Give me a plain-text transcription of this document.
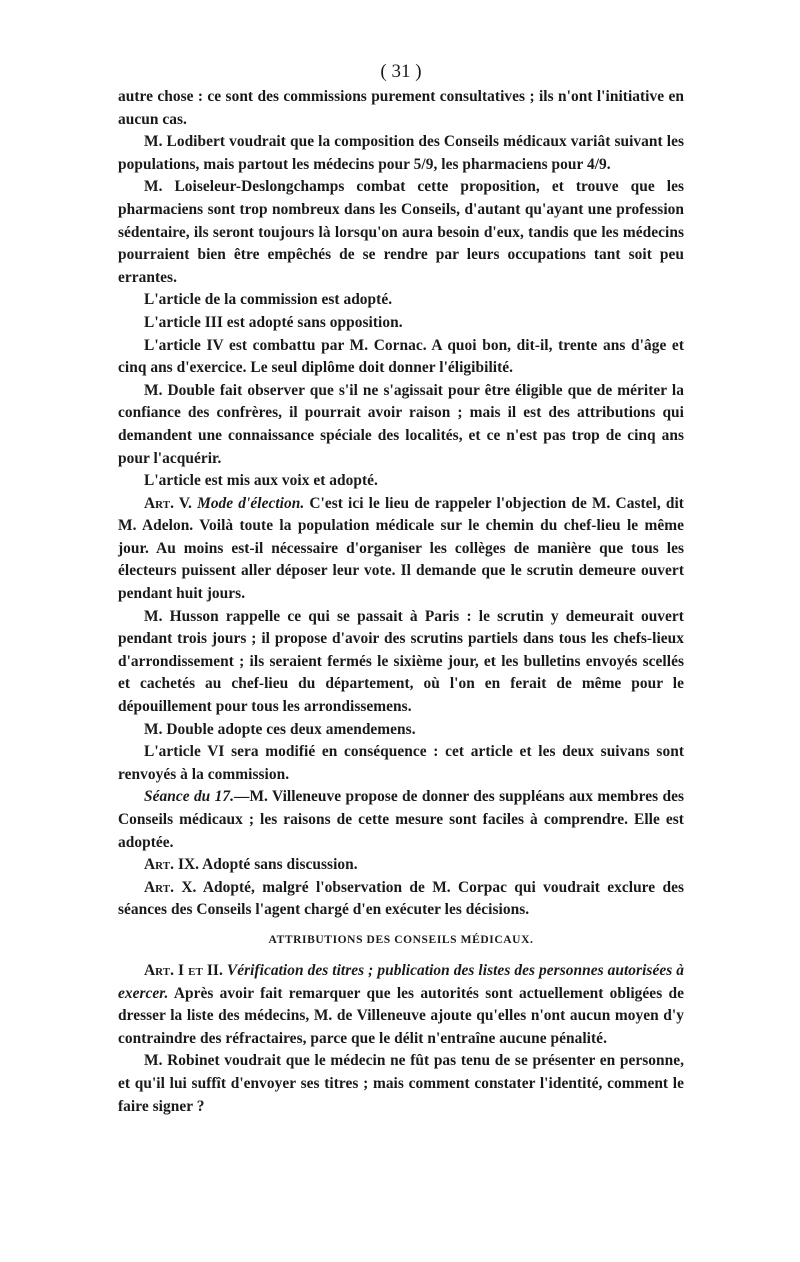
( 31 )

autre chose : ce sont des commissions purement consultatives ; ils n'ont l'initiative en aucun cas.

M. Lodibert voudrait que la composition des Conseils médicaux variât suivant les populations, mais partout les médecins pour 5/9, les pharmaciens pour 4/9.

M. Loiseleur-Deslongchamps combat cette proposition, et trouve que les pharmaciens sont trop nombreux dans les Conseils, d'autant qu'ayant une profession sédentaire, ils seront toujours là lorsqu'on aura besoin d'eux, tandis que les médecins pourraient bien être empêchés de se rendre par leurs occupations tant soit peu errantes.

L'article de la commission est adopté.

L'article III est adopté sans opposition.

L'article IV est combattu par M. Cornac. A quoi bon, dit-il, trente ans d'âge et cinq ans d'exercice. Le seul diplôme doit donner l'éligibilité.

M. Double fait observer que s'il ne s'agissait pour être éligible que de mériter la confiance des confrères, il pourrait avoir raison ; mais il est des attributions qui demandent une connaissance spéciale des localités, et ce n'est pas trop de cinq ans pour l'acquérir.

L'article est mis aux voix et adopté.

Art. V. Mode d'élection. C'est ici le lieu de rappeler l'objection de M. Castel, dit M. Adelon. Voilà toute la population médicale sur le chemin du chef-lieu le même jour. Au moins est-il nécessaire d'organiser les collèges de manière que tous les électeurs puissent aller déposer leur vote. Il demande que le scrutin demeure ouvert pendant huit jours.

M. Husson rappelle ce qui se passait à Paris : le scrutin y demeurait ouvert pendant trois jours ; il propose d'avoir des scrutins partiels dans tous les chefs-lieux d'arrondissement ; ils seraient fermés le sixième jour, et les bulletins envoyés scellés et cachetés au chef-lieu du département, où l'on en ferait de même pour le dépouillement pour tous les arrondissemens.

M. Double adopte ces deux amendemens.

L'article VI sera modifié en conséquence : cet article et les deux suivans sont renvoyés à la commission.

Séance du 17.—M. Villeneuve propose de donner des suppléans aux membres des Conseils médicaux ; les raisons de cette mesure sont faciles à comprendre. Elle est adoptée.

Art. IX. Adopté sans discussion.

Art. X. Adopté, malgré l'observation de M. Corpac qui voudrait exclure des séances des Conseils l'agent chargé d'en exécuter les décisions.

ATTRIBUTIONS DES CONSEILS MÉDICAUX.

Art. I et II. Vérification des titres ; publication des listes des personnes autorisées à exercer. Après avoir fait remarquer que les autorités sont actuellement obligées de dresser la liste des médecins, M. de Villeneuve ajoute qu'elles n'ont aucun moyen d'y contraindre des réfractaires, parce que le délit n'entraîne aucune pénalité.

M. Robinet voudrait que le médecin ne fût pas tenu de se présenter en personne, et qu'il lui suffît d'envoyer ses titres ; mais comment constater l'identité, comment le faire signer ?
